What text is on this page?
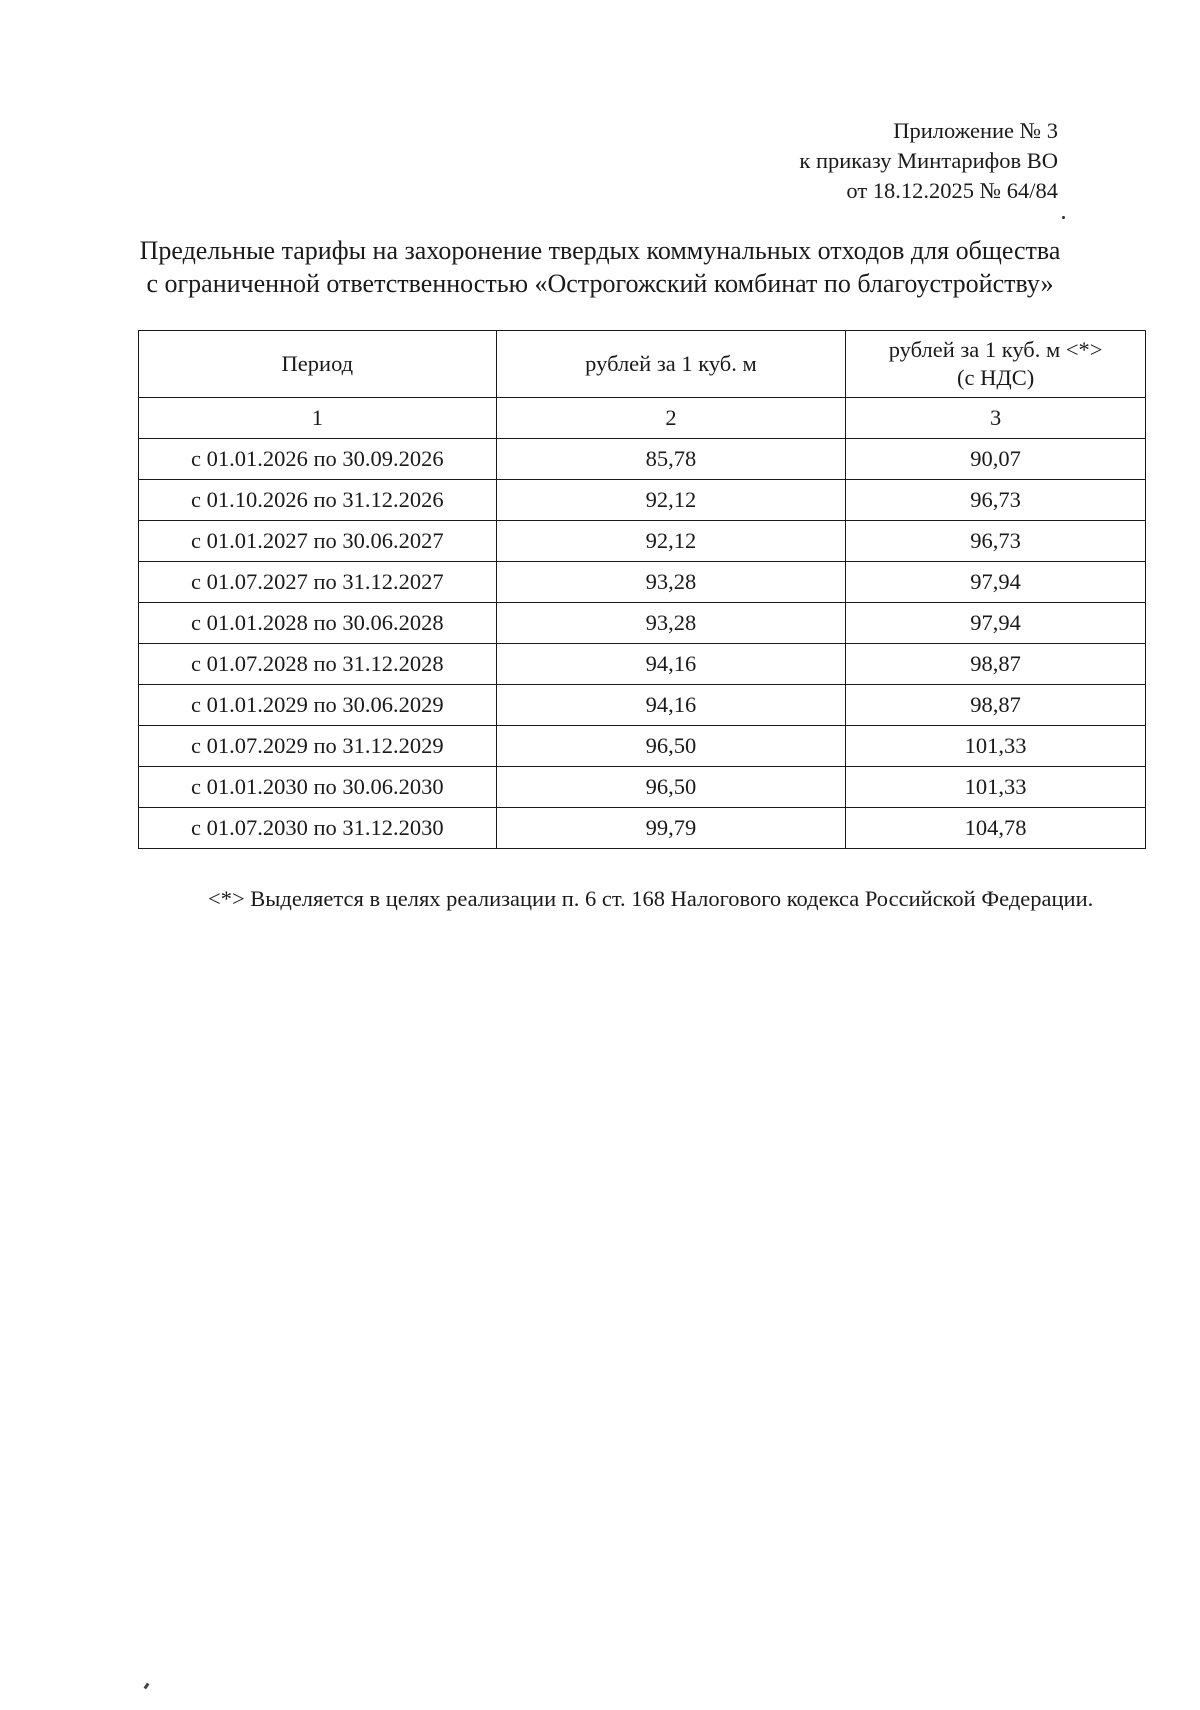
Приложение № 3
к приказу Минтарифов ВО
от 18.12.2025 № 64/84
Предельные тарифы на захоронение твердых коммунальных отходов для общества
с ограниченной ответственностью «Острогожский комбинат по благоустройству»
Период	рублей за 1 куб. м	рублей за 1 куб. м <*>
(с НДС)

1	2	3
с 01.01.2026 по 30.09.2026	85,78	90,07
с 01.10.2026 по 31.12.2026	92,12	96,73
с 01.01.2027 по 30.06.2027	92,12	96,73
с 01.07.2027 по 31.12.2027	93,28	97,94
с 01.01.2028 по 30.06.2028	93,28	97,94
с 01.07.2028 по 31.12.2028	94,16	98,87
с 01.01.2029 по 30.06.2029	94,16	98,87
с 01.07.2029 по 31.12.2029	96,50	101,33
с 01.01.2030 по 30.06.2030	96,50	101,33
с 01.07.2030 по 31.12.2030	99,79	104,78
<*> Выделяется в целях реализации п. 6 ст. 168 Налогового кодекса Российской Федерации.
